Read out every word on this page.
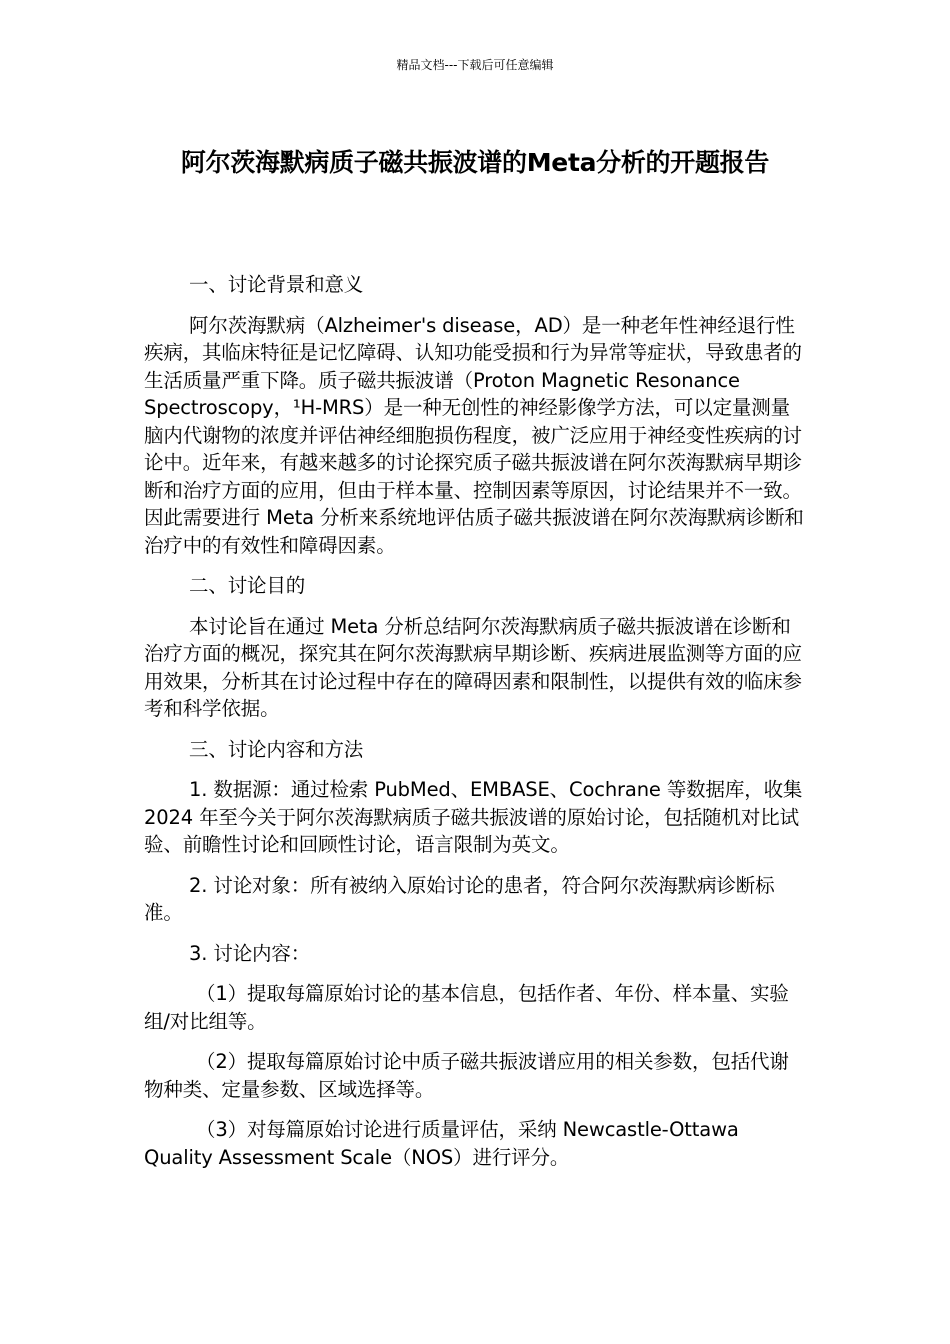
精品文档---下载后可任意编辑
阿尔茨海默病质子磁共振波谱的Meta分析的开题报告

一、讨论背景和意义

阿尔茨海默病（Alzheimer's disease，AD）是一种老年性神经退行性疾病，其临床特征是记忆障碍、认知功能受损和行为异常等症状，导致患者的生活质量严重下降。质子磁共振波谱（Proton Magnetic Resonance Spectroscopy，¹H-MRS）是一种无创性的神经影像学方法，可以定量测量脑内代谢物的浓度并评估神经细胞损伤程度，被广泛应用于神经变性疾病的讨论中。近年来，有越来越多的讨论探究质子磁共振波谱在阿尔茨海默病早期诊断和治疗方面的应用，但由于样本量、控制因素等原因，讨论结果并不一致。因此需要进行 Meta 分析来系统地评估质子磁共振波谱在阿尔茨海默病诊断和治疗中的有效性和障碍因素。

二、讨论目的

本讨论旨在通过 Meta 分析总结阿尔茨海默病质子磁共振波谱在诊断和治疗方面的概况，探究其在阿尔茨海默病早期诊断、疾病进展监测等方面的应用效果，分析其在讨论过程中存在的障碍因素和限制性，以提供有效的临床参考和科学依据。

三、讨论内容和方法

1. 数据源：通过检索 PubMed、EMBASE、Cochrane 等数据库，收集 2024 年至今关于阿尔茨海默病质子磁共振波谱的原始讨论，包括随机对比试验、前瞻性讨论和回顾性讨论，语言限制为英文。

2. 讨论对象：所有被纳入原始讨论的患者，符合阿尔茨海默病诊断标准。

3. 讨论内容：

（1）提取每篇原始讨论的基本信息，包括作者、年份、样本量、实验组/对比组等。

（2）提取每篇原始讨论中质子磁共振波谱应用的相关参数，包括代谢物种类、定量参数、区域选择等。

（3）对每篇原始讨论进行质量评估，采纳 Newcastle-Ottawa Quality Assessment Scale（NOS）进行评分。
